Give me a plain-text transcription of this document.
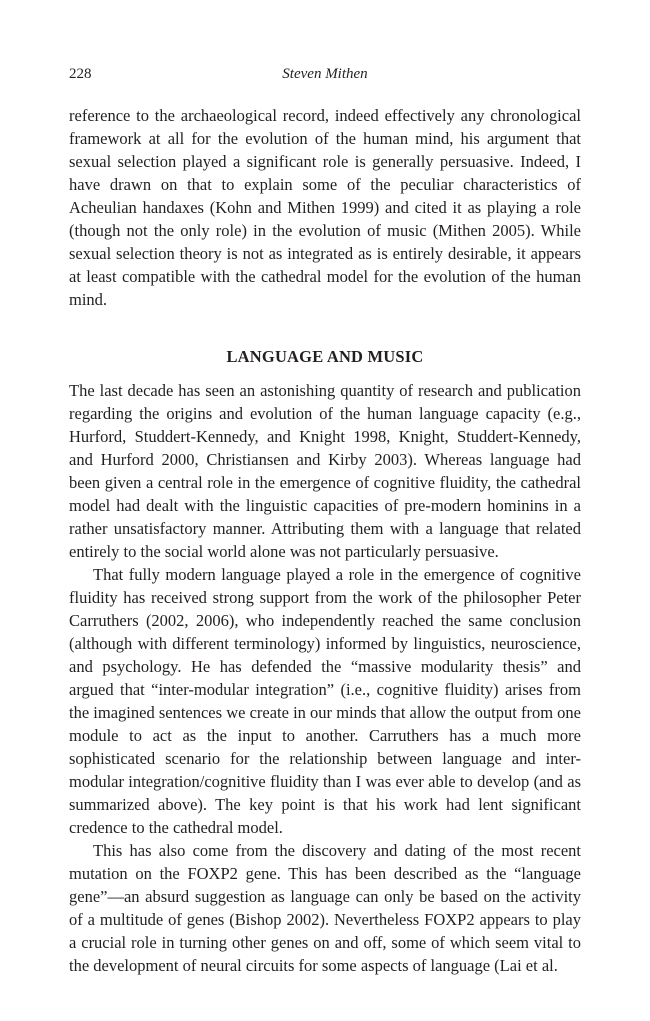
228	Steven Mithen

reference to the archaeological record, indeed effectively any chronological framework at all for the evolution of the human mind, his argument that sexual selection played a significant role is generally persuasive. Indeed, I have drawn on that to explain some of the peculiar characteristics of Acheulian handaxes (Kohn and Mithen 1999) and cited it as playing a role (though not the only role) in the evolution of music (Mithen 2005). While sexual selection theory is not as integrated as is entirely desirable, it appears at least compatible with the cathedral model for the evolution of the human mind.

LANGUAGE AND MUSIC

The last decade has seen an astonishing quantity of research and publication regarding the origins and evolution of the human language capacity (e.g., Hurford, Studdert-Kennedy, and Knight 1998, Knight, Studdert-Kennedy, and Hurford 2000, Christiansen and Kirby 2003). Whereas language had been given a central role in the emergence of cognitive fluidity, the cathedral model had dealt with the linguistic capacities of pre-modern hominins in a rather unsatisfactory manner. Attributing them with a language that related entirely to the social world alone was not particularly persuasive.

That fully modern language played a role in the emergence of cognitive fluidity has received strong support from the work of the philosopher Peter Carruthers (2002, 2006), who independently reached the same conclusion (although with different terminology) informed by linguistics, neuroscience, and psychology. He has defended the “massive modularity thesis” and argued that “inter-modular integration” (i.e., cognitive fluidity) arises from the imagined sentences we create in our minds that allow the output from one module to act as the input to another. Carruthers has a much more sophisticated scenario for the relationship between language and inter-modular integration/cognitive fluidity than I was ever able to develop (and as summarized above). The key point is that his work had lent significant credence to the cathedral model.

This has also come from the discovery and dating of the most recent mutation on the FOXP2 gene. This has been described as the “language gene”—an absurd suggestion as language can only be based on the activity of a multitude of genes (Bishop 2002). Nevertheless FOXP2 appears to play a crucial role in turning other genes on and off, some of which seem vital to the development of neural circuits for some aspects of language (Lai et al.
